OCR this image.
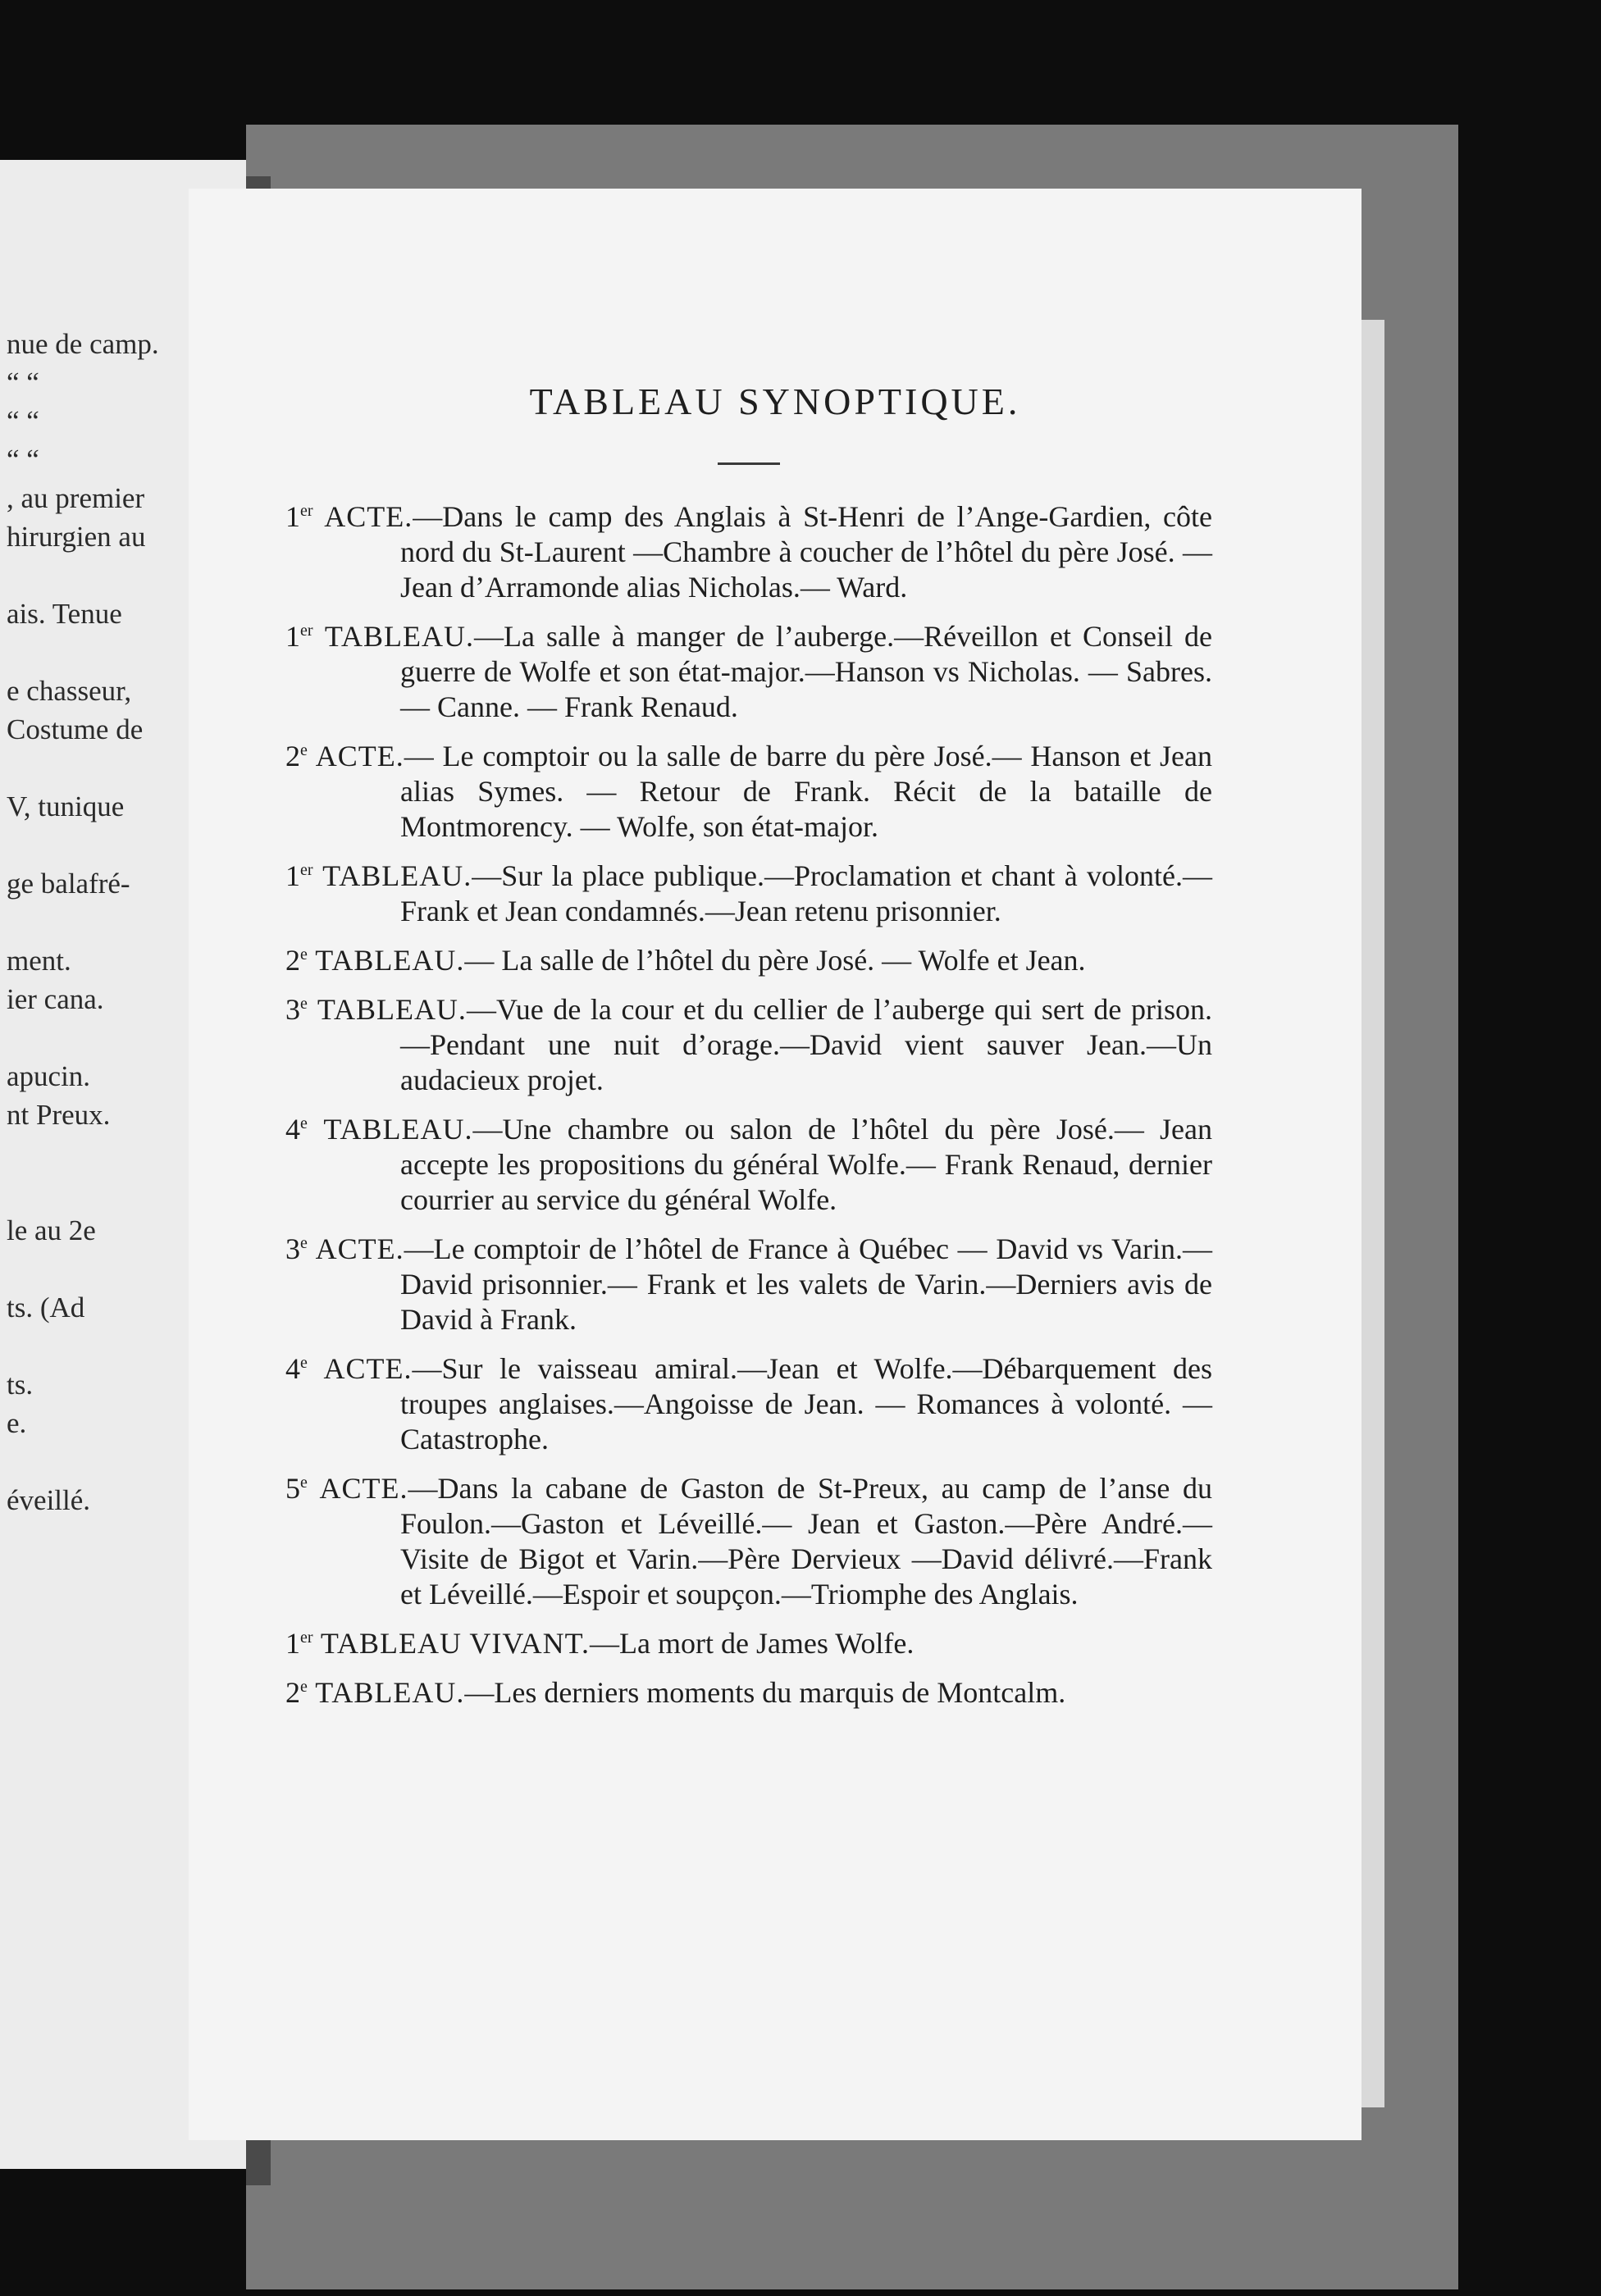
nue de camp.
“ “
“ “
“ “
, au premier
hirurgien au
ais. Tenue
e chasseur,
Costume de
V, tunique
ge balafré-
ment.
ier cana.
apucin.
nt Preux.
le au 2e
ts. (Ad
ts.
e.
éveillé.
TABLEAU SYNOPTIQUE.
1er ACTE.—Dans le camp des Anglais à St-Henri de l’Ange-Gardien, côte nord du St-Laurent —Chambre à coucher de l’hôtel du père José. — Jean d’Arramonde alias Nicholas.— Ward.
1er TABLEAU.—La salle à manger de l’auberge.—Réveillon et Conseil de guerre de Wolfe et son état-major.—Hanson vs Nicholas. — Sabres. — Canne. — Frank Renaud.
2e ACTE.— Le comptoir ou la salle de barre du père José.— Hanson et Jean alias Symes. — Retour de Frank. Récit de la bataille de Montmorency. — Wolfe, son état-major.
1er TABLEAU.—Sur la place publique.—Proclamation et chant à volonté.—Frank et Jean condamnés.—Jean retenu prisonnier.
2e TABLEAU.— La salle de l’hôtel du père José. — Wolfe et Jean.
3e TABLEAU.—Vue de la cour et du cellier de l’auberge qui sert de prison.—Pendant une nuit d’orage.—David vient sauver Jean.—Un audacieux projet.
4e TABLEAU.—Une chambre ou salon de l’hôtel du père José.— Jean accepte les propositions du général Wolfe.— Frank Renaud, dernier courrier au service du général Wolfe.
3e ACTE.—Le comptoir de l’hôtel de France à Québec — David vs Varin.— David prisonnier.— Frank et les valets de Varin.—Derniers avis de David à Frank.
4e ACTE.—Sur le vaisseau amiral.—Jean et Wolfe.—Débarquement des troupes anglaises.—Angoisse de Jean. — Romances à volonté. — Catastrophe.
5e ACTE.—Dans la cabane de Gaston de St-Preux, au camp de l’anse du Foulon.—Gaston et Léveillé.— Jean et Gaston.—Père André.—Visite de Bigot et Varin.—Père Dervieux —David délivré.—Frank et Léveillé.—Espoir et soupçon.—Triomphe des Anglais.
1er TABLEAU VIVANT.—La mort de James Wolfe.
2e TABLEAU.—Les derniers moments du marquis de Montcalm.
